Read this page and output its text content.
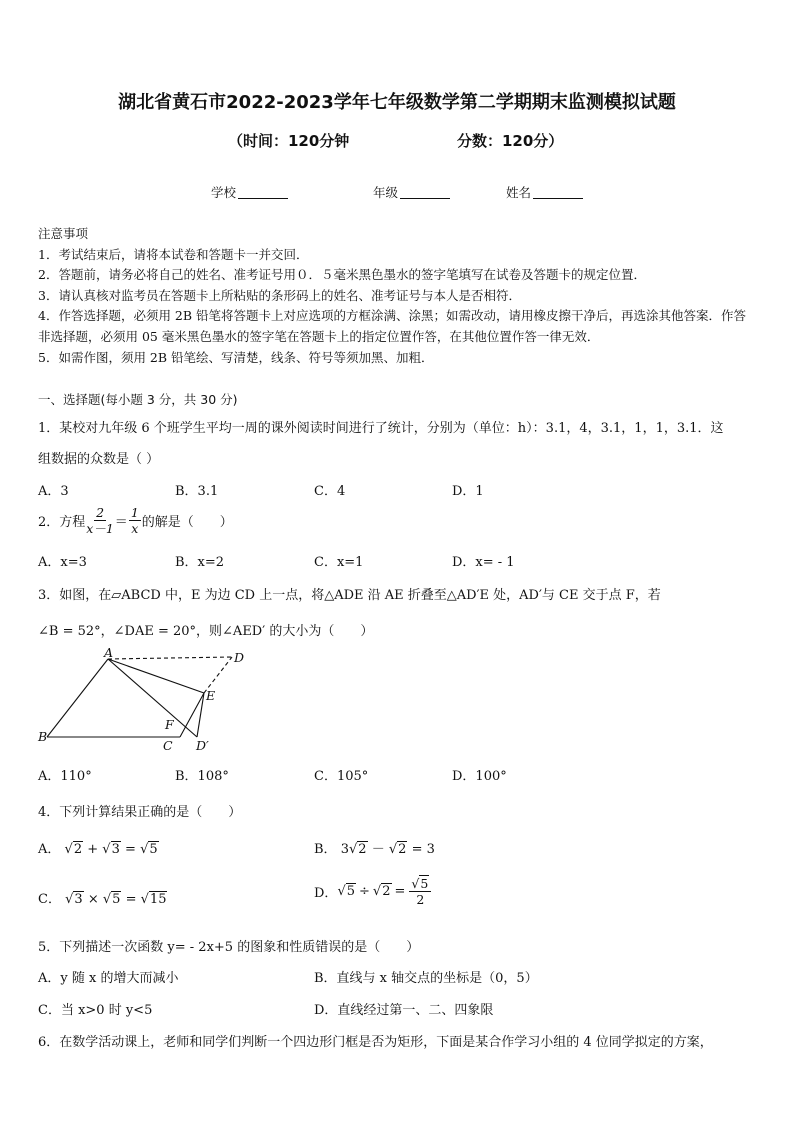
湖北省黄石市2022-2023学年七年级数学第二学期期末监测模拟试题
（时间：120分钟	分数：120分）
学校	年级	姓名
注意事项
1．考试结束后，请将本试卷和答题卡一并交回．
2．答题前，请务必将自己的姓名、准考证号用０．５毫米黑色墨水的签字笔填写在试卷及答题卡的规定位置．
3．请认真核对监考员在答题卡上所粘贴的条形码上的姓名、准考证号与本人是否相符．
4．作答选择题，必须用 2B 铅笔将答题卡上对应选项的方框涂满、涂黑；如需改动，请用橡皮擦干净后，再选涂其他答案．作答非选择题，必须用 05 毫米黑色墨水的签字笔在答题卡上的指定位置作答，在其他位置作答一律无效．
5．如需作图，须用 2B 铅笔绘、写清楚，线条、符号等须加黑、加粗．
一、选择题(每小题 3 分，共 30 分)
1．某校对九年级 6 个班学生平均一周的课外阅读时间进行了统计，分别为（单位：h）：3.1，4，3.1，1，1，3.1．这
组数据的众数是（ ）
A．3	B．3.1	C．4	D．1
2．方程 $\frac{2}{x-1} = \frac{1}{x}$ 的解是（　　）
A．x=3	B．x=2	C．x=1	D．x= - 1
3．如图，在▱ABCD 中，E 为边 CD 上一点，将△ADE 沿 AE 折叠至△AD′E 处，AD′与 CE 交于点 F，若
∠B = 52°，∠DAE = 20°，则∠AED′ 的大小为（　　）
A	D
E
F
B
C D′
A．110°	B．108°	C．105°	D．100°
4．下列计算结果正确的是（　　）
A． √2 + √3 = √5	B． 3√2 － √2 = 3
C． √3 × √5 = √15	D． $√5 \div √2 = \frac{√5}{2}$
5．下列描述一次函数 y= - 2x+5 的图象和性质错误的是（　　）
A．y 随 x 的增大而减小	B．直线与 x 轴交点的坐标是（0，5）
C．当 x>0 时 y<5	D．直线经过第一、二、四象限
6．在数学活动课上，老师和同学们判断一个四边形门框是否为矩形，下面是某合作学习小组的 4 位同学拟定的方案，
